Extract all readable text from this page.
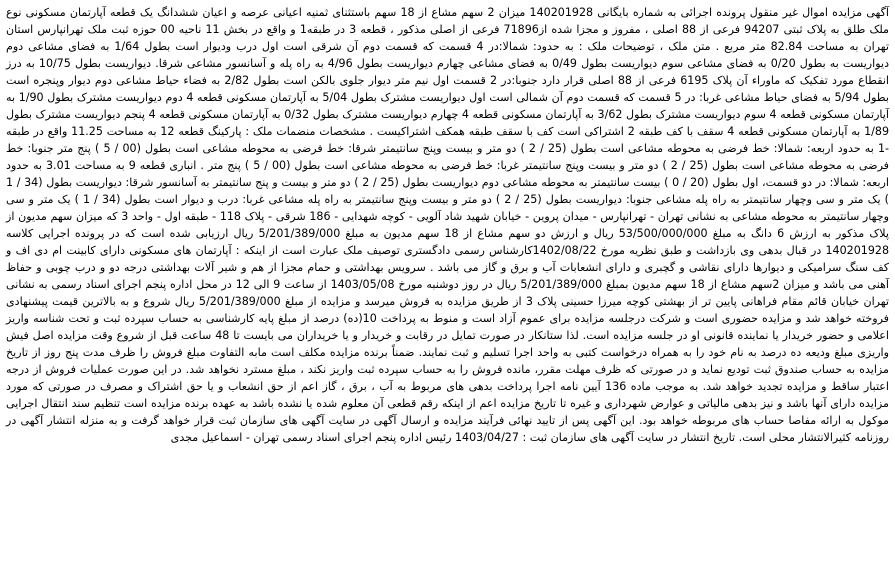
آگهی مزایده اموال غیر منقول پرونده اجرائی به شماره بایگانی 140201928 میزان 2 سهم مشاع از 18 سهم باستثنای ثمنیه اعیانی عرصه و اعیان ششدانگ یک قطعه آپارتمان مسکونی نوع ملک طلق به پلاک ثبتی 94207 فرعی از 88 اصلی ، مفروز و مجزا شده از71896 فرعی از اصلی مذکور ، قطعه 3 در طبقه1 و واقع در بخش 11 ناحیه 00 حوزه ثبت ملک تهرانپارس استان تهران به مساحت 82.84 متر مربع . متن ملک ، توضیحات ملک : به حدود: شمالا:در 4 قسمت که قسمت دوم آن شرقی است اول درب وديوار است بطول 1/64 به فضای مشاعی دوم دیواریست به بطول 0/20 به فضای مشاعی سوم دیواریست بطول 0/49 به فضای مشاعی چهارم دیواریست بطول 4/96 به راه پله و آسانسور مشاعی شرقا. دیواریست بطول 10/75 به درز انقطاع مورد تفکیک که ماوراء آن پلاک 6195 فرعی از 88 اصلی قرار دارد جنوبا:در 2 قسمت اول نیم متر دیوار جلوی بالکن است بطول 2/82 به فضاء حیاط مشاعی دوم دیوار وپنجره است بطول 5/94 به فضای حیاط مشاعی غربا: در 5 قسمت که قسمت دوم آن شمالی است اول دیواریست مشترک بطول 5/04 به آپارتمان مسکونی قطعه 4 دوم دیواریست مشترک بطول 1/90 به آپارتمان مسکونی قطعه 4 سوم دیواریست مشترک بطول 3/62 به آپارتمان مسکونی قطعه 4 چهارم دیواریست مشترک بطول 0/32 به آپارتمان مسکونی قطعه 4 پنجم دیواریست مشترک بطول 1/89 به آپارتمان مسکونی قطعه 4 سقف با کف طبقه 2 اشتراکی است کف با سقف طبقه همکف اشتراکیست . مشخصات منضمات ملک : پارکینگ قطعه 12 به مساحت 11.25 واقع در طبقه -1 به حدود اربعه: شمالا: خط فرضی به محوطه مشاعی است بطول (25 / 2 ) دو متر و بیست وپنج سانتیمتر شرقا: خط فرضی به محوطه مشاعی است بطول (00 / 5 ) پنج متر جنوبا: خط فرضی به محوطه مشاعی است بطول (25 / 2 ) دو متر و بیست وپنج سانتیمتر غربا: خط فرضی به محوطه مشاعی است بطول (00 / 5 ) پنج متر . انباری قطعه 9 به مساحت 3.01 به حدود اربعه: شمالا: در دو قسمت، اول بطول (20 / 0 ) بیست سانتیمتر به محوطه مشاعی دوم دیواریست بطول (25 / 2 ) دو متر و بیست و پنج سانتیمتر به آسانسور شرقا: دیواریست بطول (34 / 1 ) یک متر و سی وچهار سانتیمتر به راه پله مشاعی جنوبا: دیواریست بطول (25 / 2 ) دو متر و بیست وپنج سانتیمتر به راه پله مشاعی غربا: درب و دیوار است بطول (34 / 1 ) یک متر و سی وچهار سانتیمتر به محوطه مشاعی به نشانی تهران - تهرانپارس - میدان پروین - خیابان شهید شاد آلویی - کوچه شهدایی - 186 شرقی - پلاک 118 - طبقه اول - واحد 3 که میزان سهم مدیون از پلاک مذکور به ارزش 6 دانگ به مبلغ 53/500/000/000 ریال و ارزش دو سهم مشاع از 18 سهم مدیون به مبلغ 5/201/389/000 ریال ارزیابی شده است که در پرونده اجرایی کلاسه 140201928 در قبال بدهی وی بازداشت و طبق نظریه مورخ 1402/08/22کارشناس رسمی دادگستری توصیف ملک عبارت است از اینکه : آپارتمان های مسکونی دارای کابینت ام دی اف و کف سنگ سرامیکی و دیوارها دارای نقاشی و گچبری و دارای انشعابات آب و برق و گاز می باشد . سرویس بهداشتی و حمام مجزا از هم و شیر آلات بهداشتی درجه دو و درب چوبی و حفاظ آهنی می باشد و میزان 2سهم مشاع از 18 سهم مدیون بمبلغ 5/201/389/000 ریال در روز دوشنبه مورخ 1403/05/08 از ساعت 9 الی 12 در محل اداره پنجم اجرای اسناد رسمی به نشانی تهران خیابان قائم مقام فراهانی پایین تر از بهشتی کوچه میرزا حسینی پلاک 3 از طریق مزایده به فروش میرسد و مزایده از مبلغ 5/201/389/000 ریال شروع و به بالاترین قیمت پیشنهادی فروخته خواهد شد و مزایده حضوری است و شرکت درجلسه مزایده برای عموم آزاد است و منوط به پرداخت 10(ده) درصد از مبلغ پایه کارشناسی به حساب سپرده ثبت و تحت شناسه واریز اعلامی و حضور خریدار یا نماینده قانونی او در جلسه مزایده است. لذا ستانکار در صورت تمایل در رقابت و خریدار و یا خریداران می بایست تا 48 ساعت قبل از شروع وقت مزایده اصل فیش واریزی مبلغ ودیعه ده درصد به نام خود را به همراه درخواست کتبی به واحد اجرا تسلیم و ثبت نمایند. ضمناً برنده مزایده مکلف است مابه التفاوت مبلغ فروش را ظرف مدت پنج روز از تاریخ مزایده به حساب صندوق ثبت تودیع نماید و در صورتی که ظرف مهلت مقرر، مانده فروش را به حساب سپرده ثبت واریز نکند ، مبلغ مسترد نخواهد شد. در این صورت عملیات فروش از درجه اعتبار ساقط و مزایده تجدید خواهد شد. به موجب ماده 136 آیین نامه اجرا پرداخت بدهی های مربوط به آب ، برق ، گاز اعم از حق انشعاب و یا حق اشتراک و مصرف در صورتی که مورد مزایده دارای آنها باشد و نیز بدهی مالیاتی و عوارض شهرداری و غیره تا تاریخ مزایده اعم از اینکه رقم قطعی آن معلوم شده یا نشده باشد به عهده برنده مزایده است تنظیم سند انتقال اجرایی موکول به ارائه مفاصا حساب های مربوطه خواهد بود. این آگهی پس از تایید نهائی فرآیند مزایده و ارسال آگهی در سایت آگهی های سازمان ثبت قرار خواهد گرفت و به منزله انتشار آگهی در روزنامه کثیرالانتشار محلی است. تاریخ انتشار در سایت آگهی های سازمان ثبت : 1403/04/27 رئیس اداره پنجم اجرای اسناد رسمی تهران - اسماعیل مجدی
